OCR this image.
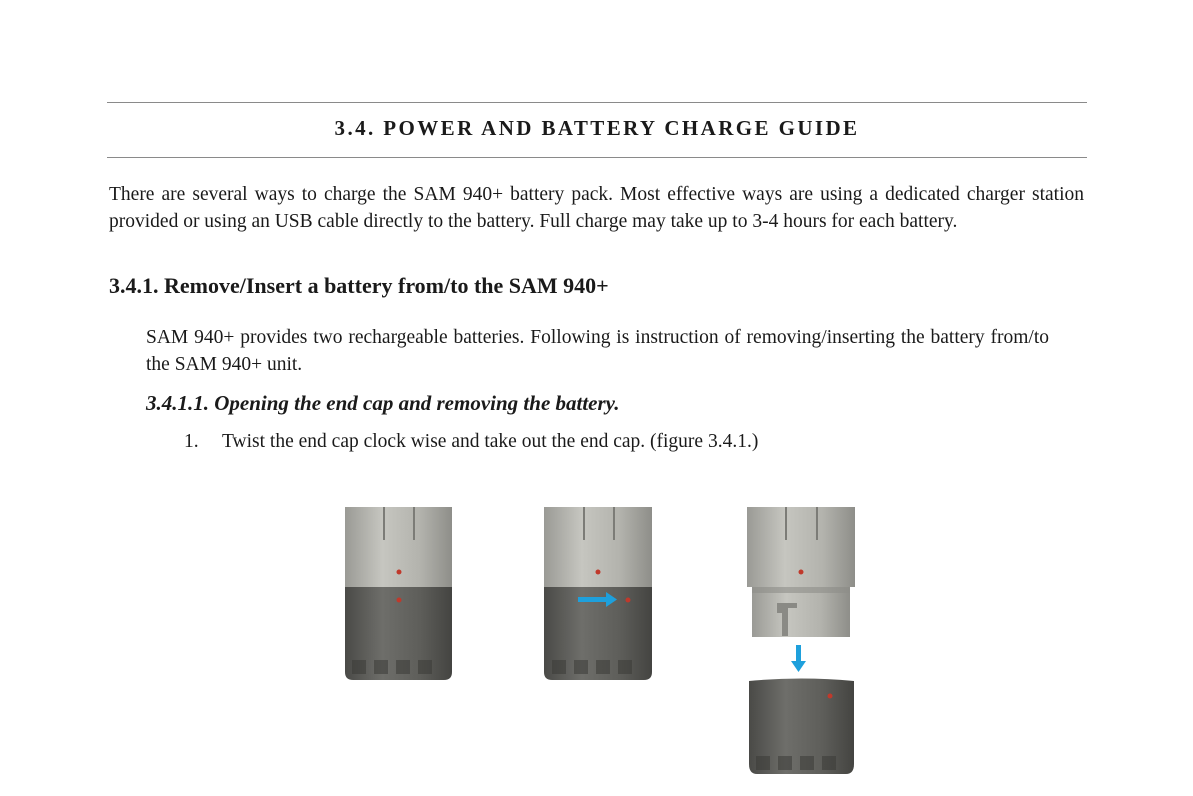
3.4. POWER AND BATTERY CHARGE GUIDE

There are several ways to charge the SAM 940+ battery pack. Most effective ways are using a dedicated charger station provided or using an USB cable directly to the battery. Full charge may take up to 3-4 hours for each battery.

3.4.1. Remove/Insert a battery from/to the SAM 940+

SAM 940+ provides two rechargeable batteries. Following is instruction of removing/inserting the battery from/to the SAM 940+ unit.

3.4.1.1. Opening the end cap and removing the battery.
1. Twist the end cap clock wise and take out the end cap. (figure 3.4.1.)
